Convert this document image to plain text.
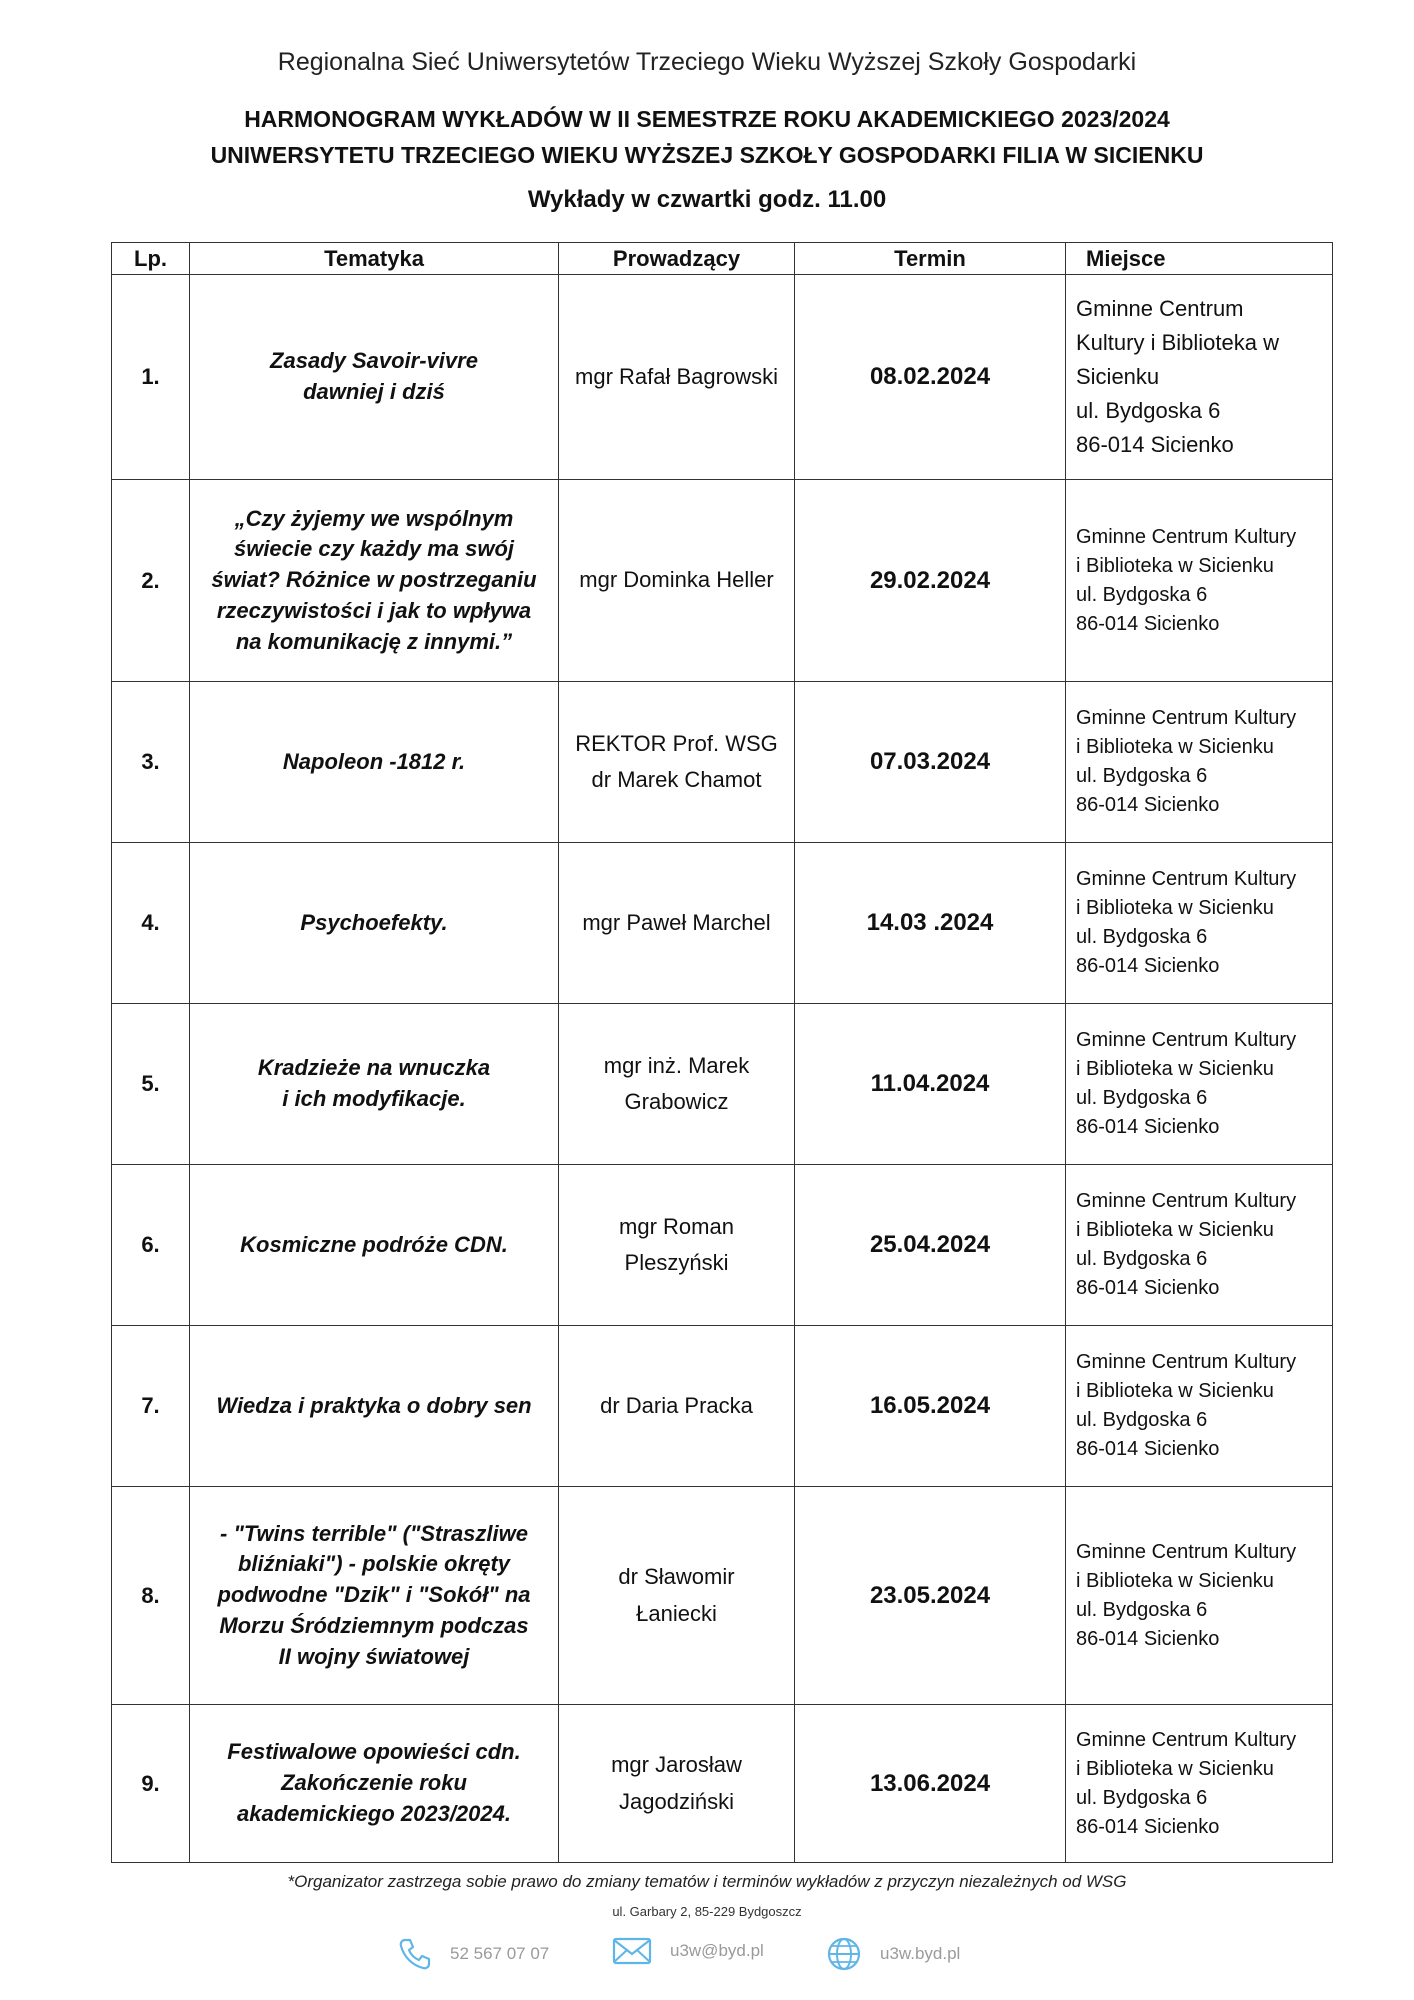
Regionalna Sieć Uniwersytetów Trzeciego Wieku Wyższej Szkoły Gospodarki
HARMONOGRAM WYKŁADÓW W II SEMESTRZE ROKU AKADEMICKIEGO 2023/2024
UNIWERSYTETU TRZECIEGO WIEKU WYŻSZEJ SZKOŁY GOSPODARKI FILIA W SICIENKU
Wykłady w czwartki godz. 11.00
Lp.	Tematyka	Prowadzący	Termin	Miejsce
1.	Zasady Savoir-vivre
dawniej i dziś	mgr Rafał Bagrowski	08.02.2024	Gminne Centrum
Kultury i Biblioteka w
Sicienku
ul. Bydgoska 6
86-014 Sicienko

2.	„Czy żyjemy we wspólnym
świecie czy każdy ma swój
świat? Różnice w postrzeganiu
rzeczywistości i jak to wpływa
na komunikację z innymi.”	mgr Dominka Heller	29.02.2024	Gminne Centrum Kultury
i Biblioteka w Sicienku
ul. Bydgoska 6
86-014 Sicienko

3.	Napoleon -1812 r.	REKTOR Prof. WSG
dr Marek Chamot	07.03.2024	Gminne Centrum Kultury
i Biblioteka w Sicienku
ul. Bydgoska 6
86-014 Sicienko

4.	Psychoefekty.	mgr Paweł Marchel	14.03 .2024	Gminne Centrum Kultury
i Biblioteka w Sicienku
ul. Bydgoska 6
86-014 Sicienko

5.	Kradzieże na wnuczka
i ich modyfikacje.	mgr inż. Marek
Grabowicz	11.04.2024	Gminne Centrum Kultury
i Biblioteka w Sicienku
ul. Bydgoska 6
86-014 Sicienko

6.	Kosmiczne podróże CDN.	mgr Roman
Pleszyński	25.04.2024	Gminne Centrum Kultury
i Biblioteka w Sicienku
ul. Bydgoska 6
86-014 Sicienko

7.	Wiedza i praktyka o dobry sen	dr Daria Pracka	16.05.2024	Gminne Centrum Kultury
i Biblioteka w Sicienku
ul. Bydgoska 6
86-014 Sicienko

8.	- "Twins terrible" ("Straszliwe
bliźniaki") - polskie okręty
podwodne "Dzik" i "Sokół" na
Morzu Śródziemnym podczas
II wojny światowej	dr Sławomir
Łaniecki	23.05.2024	Gminne Centrum Kultury
i Biblioteka w Sicienku
ul. Bydgoska 6
86-014 Sicienko

9.	Festiwalowe opowieści cdn.
Zakończenie roku
akademickiego 2023/2024.	mgr Jarosław
Jagodziński	13.06.2024	Gminne Centrum Kultury
i Biblioteka w Sicienku
ul. Bydgoska 6
86-014 Sicienko
*Organizator zastrzega sobie prawo do zmiany tematów i terminów wykładów z przyczyn niezależnych od WSG
ul. Garbary 2, 85-229 Bydgoszcz
52 567 07 07	u3w@byd.pl	u3w.byd.pl
